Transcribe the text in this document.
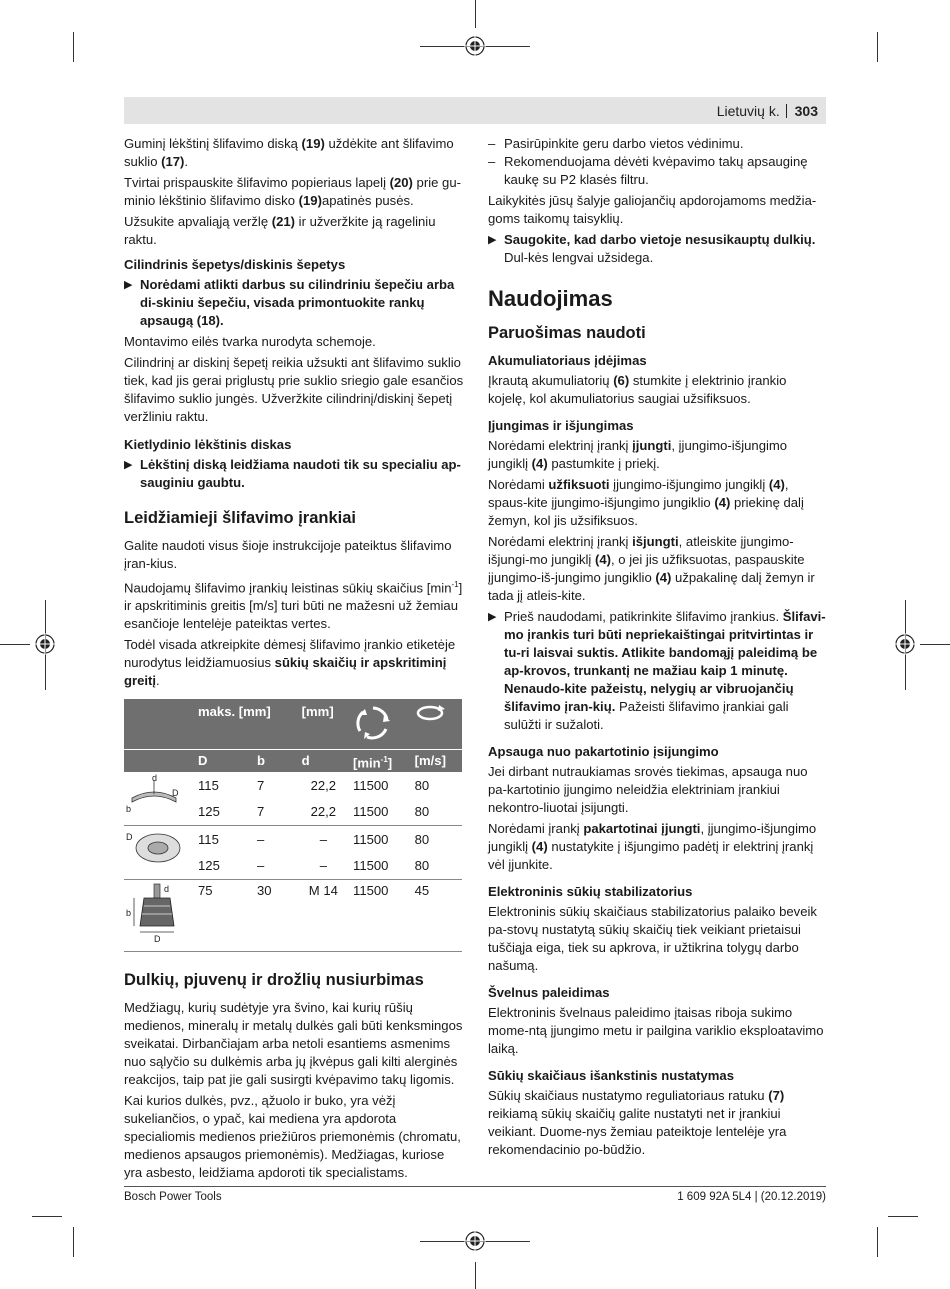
Lietuvių k. 303

Guminį lėkštinį šlifavimo diską (19) uždėkite ant šlifavimo suklio (17).

Tvirtai prispauskite šlifavimo popieriaus lapelį (20) prie gu-minio lėkštinio šlifavimo disko (19)apatinės pusės.

Užsukite apvaliąją veržlę (21) ir užveržkite ją rageliniu raktu.

Cilindrinis šepetys/diskinis šepetys
▶ Norėdami atlikti darbus su cilindriniu šepečiu arba di-skiniu šepečiu, visada primontuokite rankų apsaugą (18).

Montavimo eilės tvarka nurodyta schemoje.

Cilindrinį ar diskinį šepetį reikia užsukti ant šlifavimo suklio tiek, kad jis gerai priglustų prie suklio sriegio gale esančios šlifavimo suklio jungės. Užveržkite cilindrinį/diskinį šepetį veržliniu raktu.

Kietlydinio lėkštinis diskas
▶ Lėkštinį diską leidžiama naudoti tik su specialiu ap-sauginiu gaubtu.
Leidžiamieji šlifavimo įrankiai

Galite naudoti visus šioje instrukcijoje pateiktus šlifavimo įran-kius.

Naudojamų šlifavimo įrankių leistinas sūkių skaičius $[\min^{-1}]$ ir apskritiminis greitis [m/s] turi būti ne mažesni už žemiau esančioje lentelėje pateiktas vertes.

Todėl visada atkreipkite dėmesį šlifavimo įrankio etiketėje nurodytus leidžiamuosius sūkių skaičių ir apskritiminį greitį.

	maks. [mm]		[mm]		
	D	b	d	$[\min^{-1}]$	[m/s]

d
D
b	115	7	22,2	11500	80
	125	7	22,2	11500	80

D	115	–	–	11500	80
	125	–	–	11500	80

d
b
D	75	30	M 14	11500	45
Dulkių, pjuvenų ir drožlių nusiurbimas

Medžiagų, kurių sudėtyje yra švino, kai kurių rūšių medienos, mineralų ir metalų dulkės gali būti kenksmingos sveikatai. Dirbančiajam arba netoli esantiems asmenims nuo sąlyčio su dulkėmis arba jų įkvėpus gali kilti alerginės reakcijos, taip pat jie gali susirgti kvėpavimo takų ligomis.

Kai kurios dulkės, pvz., ąžuolo ir buko, yra vėžį sukeliančios, o ypač, kai mediena yra apdorota specialiomis medienos priežiūros priemonėmis (chromatu, medienos apsaugos priemonėmis). Medžiagas, kuriose yra asbesto, leidžiama apdoroti tik specialistams.

– Pasirūpinkite geru darbo vietos vėdinimu.
– Rekomenduojama dėvėti kvėpavimo takų apsauginę kaukę su P2 klasės filtru.

Laikykitės jūsų šalyje galiojančių apdorojamoms medžia-goms taikomų taisyklių.

▶ Saugokite, kad darbo vietoje nesusikauptų dulkių. Dul-kės lengvai užsidega.
Naudojimas
Paruošimas naudoti
Akumuliatoriaus įdėjimas

Įkrautą akumuliatorių (6) stumkite į elektrinio įrankio kojelę, kol akumuliatorius saugiai užsifiksuos.

Įjungimas ir išjungimas

Norėdami elektrinį įrankį įjungti, įjungimo-išjungimo jungiklį (4) pastumkite į priekį.

Norėdami užfiksuoti įjungimo-išjungimo jungiklį (4), spaus-kite įjungimo-išjungimo jungiklio (4) priekinę dalį žemyn, kol jis užsifiksuos.

Norėdami elektrinį įrankį išjungti, atleiskite įjungimo-išjungi-mo jungiklį (4), o jei jis užfiksuotas, paspauskite įjungimo-iš-jungimo jungiklio (4) užpakalinę dalį žemyn ir tada jį atleis-kite.

▶ Prieš naudodami, patikrinkite šlifavimo įrankius. Šlifavi-mo įrankis turi būti nepriekaištingai pritvirtintas ir tu-ri laisvai suktis. Atlikite bandomąjį paleidimą be ap-krovos, trunkantį ne mažiau kaip 1 minutę. Nenaudo-kite pažeistų, nelygių ar vibruojančių šlifavimo įran-kių. Pažeisti šlifavimo įrankiai gali sulūžti ir sužaloti.
Apsauga nuo pakartotinio įsijungimo

Jei dirbant nutraukiamas srovės tiekimas, apsauga nuo pa-kartotinio įjungimo neleidžia elektriniam įrankiui nekontro-liuotai įsijungti.

Norėdami įrankį pakartotinai įjungti, įjungimo-išjungimo jungiklį (4) nustatykite į išjungimo padėtį ir elektrinį įrankį vėl įjunkite.

Elektroninis sūkių stabilizatorius

Elektroninis sūkių skaičiaus stabilizatorius palaiko beveik pa-stovų nustatytą sūkių skaičių tiek veikiant prietaisui tuščiąja eiga, tiek su apkrova, ir užtikrina tolygų darbo našumą.

Švelnus paleidimas

Elektroninis švelnaus paleidimo įtaisas riboja sukimo mome-ntą įjungimo metu ir pailgina variklio eksploatavimo laiką.

Sūkių skaičiaus išankstinis nustatymas

Sūkių skaičiaus nustatymo reguliatoriaus ratuku (7) reikiamą sūkių skaičių galite nustatyti net ir įrankiui veikiant. Duome-nys žemiau pateiktoje lentelėje yra rekomendacinio po-būdžio.

Bosch Power Tools	1 609 92A 5L4 | (20.12.2019)
